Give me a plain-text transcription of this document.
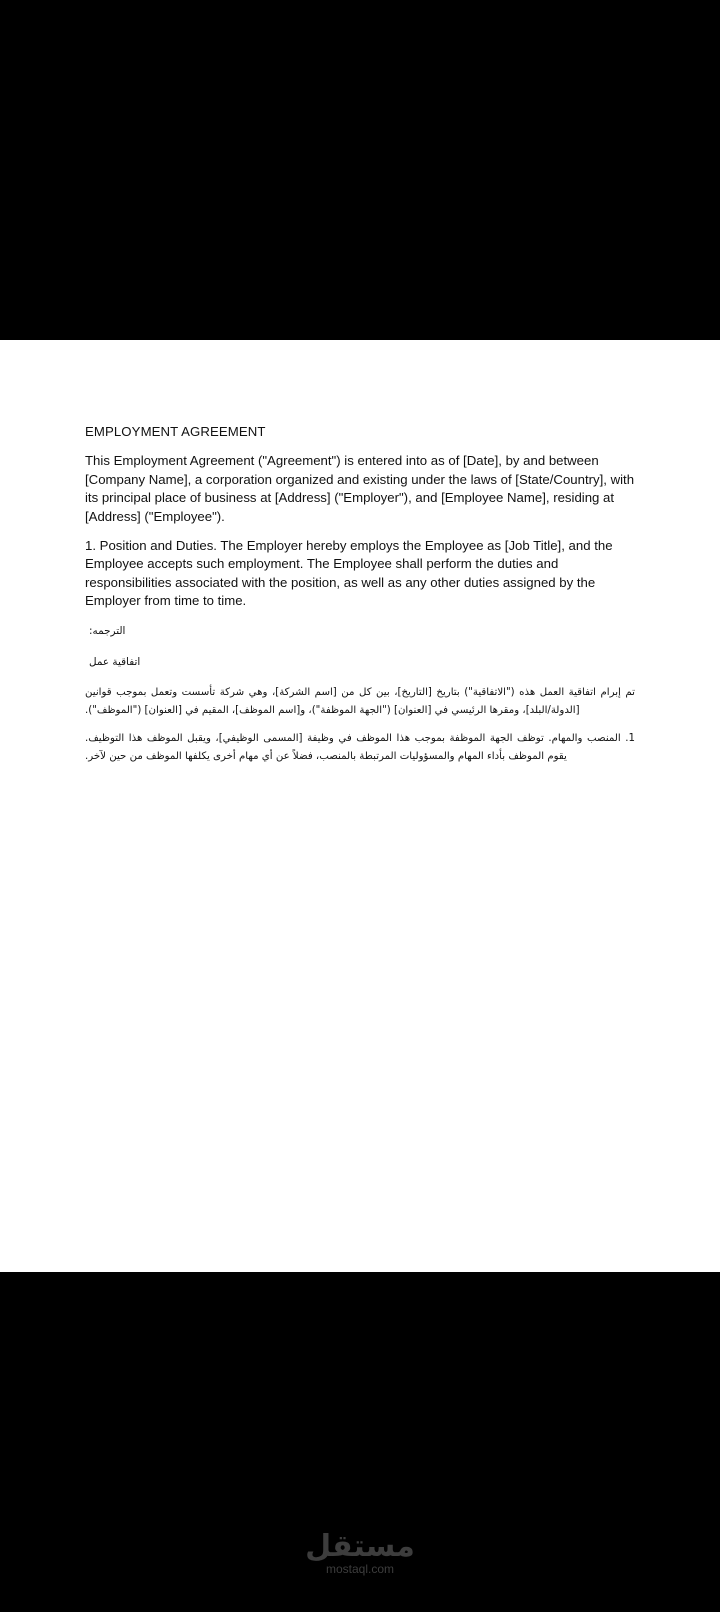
EMPLOYMENT AGREEMENT

This Employment Agreement ("Agreement") is entered into as of [Date], by and between [Company Name], a corporation organized and existing under the laws of [State/Country], with its principal place of business at [Address] ("Employer"), and [Employee Name], residing at [Address] ("Employee").

1. Position and Duties. The Employer hereby employs the Employee as [Job Title], and the Employee accepts such employment. The Employee shall perform the duties and responsibilities associated with the position, as well as any other duties assigned by the Employer from time to time.

الترجمه:

اتفاقية عمل

تم إبرام اتفاقية العمل هذه ("الاتفاقية") بتاريخ [التاريخ]، بين كل من [اسم الشركة]، وهي شركة تأسست وتعمل بموجب قوانين [الدولة/البلد]، ومقرها الرئيسي في [العنوان] ("الجهة الموظفة")، و[اسم الموظف]، المقيم في [العنوان] ("الموظف").

1. المنصب والمهام. توظف الجهة الموظفة بموجب هذا الموظف في وظيفة [المسمى الوظيفي]، ويقبل الموظف هذا التوظيف. يقوم الموظف بأداء المهام والمسؤوليات المرتبطة بالمنصب، فضلاً عن أي مهام أخرى يكلفها الموظف من حين لآخر.

مستقل
mostaql.com
